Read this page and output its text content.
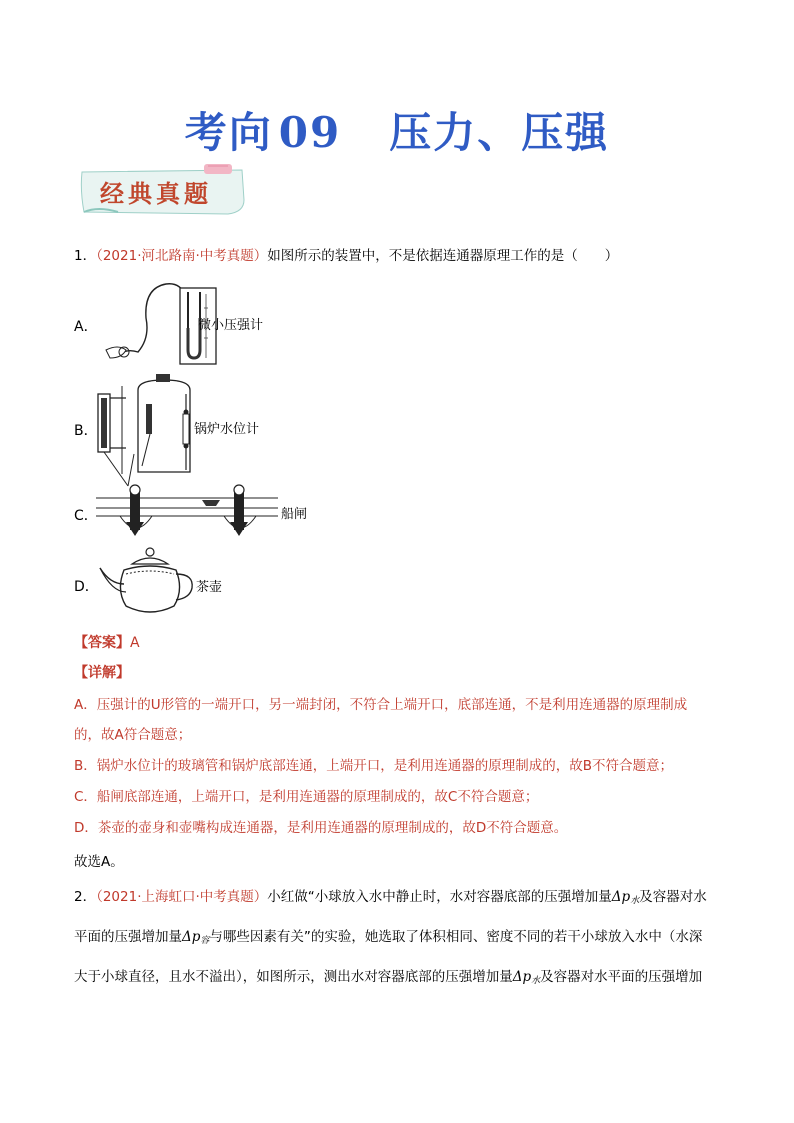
考向 09 压力、压强
经典真题
1．（2021·河北路南·中考真题）如图所示的装置中，不是依据连通器原理工作的是（　　）
A．	微小压强计
B．	锅炉水位计
C．	船闸
D．	茶壶
【答案】A
【详解】
A．压强计的U形管的一端开口，另一端封闭，不符合上端开口，底部连通，不是利用连通器的原理制成
的，故A符合题意；
B．锅炉水位计的玻璃管和锅炉底部连通，上端开口，是利用连通器的原理制成的，故B不符合题意；
C．船闸底部连通，上端开口，是利用连通器的原理制成的，故C不符合题意；
D．茶壶的壶身和壶嘴构成连通器，是利用连通器的原理制成的，故D不符合题意。
故选A。
2．（2021·上海虹口·中考真题）小红做“小球放入水中静止时，水对容器底部的压强增加量$\Delta p_水$及容器对水
平面的压强增加量$\Delta p_容$与哪些因素有关”的实验，她选取了体积相同、密度不同的若干小球放入水中（水深
大于小球直径，且水不溢出），如图所示，测出水对容器底部的压强增加量$\Delta p_水$及容器对水平面的压强增加
